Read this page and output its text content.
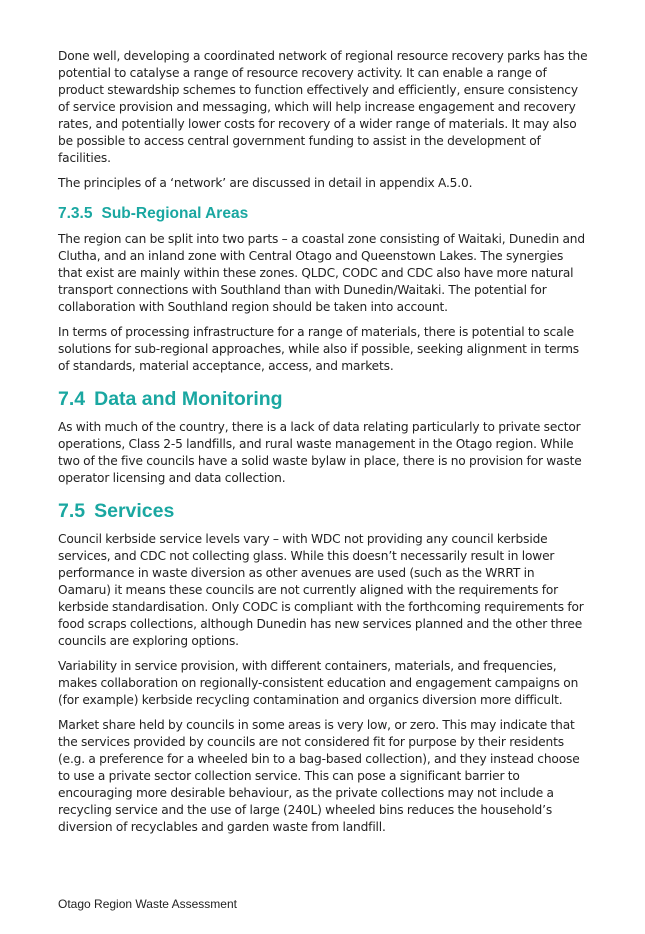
Done well, developing a coordinated network of regional resource recovery parks has the potential to catalyse a range of resource recovery activity. It can enable a range of product stewardship schemes to function effectively and efficiently, ensure consistency of service provision and messaging, which will help increase engagement and recovery rates, and potentially lower costs for recovery of a wider range of materials. It may also be possible to access central government funding to assist in the development of facilities.

The principles of a ‘network’ are discussed in detail in appendix A.5.0.

7.3.5 Sub-Regional Areas

The region can be split into two parts – a coastal zone consisting of Waitaki, Dunedin and Clutha, and an inland zone with Central Otago and Queenstown Lakes. The synergies that exist are mainly within these zones. QLDC, CODC and CDC also have more natural transport connections with Southland than with Dunedin/Waitaki. The potential for collaboration with Southland region should be taken into account.

In terms of processing infrastructure for a range of materials, there is potential to scale solutions for sub-regional approaches, while also if possible, seeking alignment in terms of standards, material acceptance, access, and markets.

7.4 Data and Monitoring

As with much of the country, there is a lack of data relating particularly to private sector operations, Class 2-5 landfills, and rural waste management in the Otago region. While two of the five councils have a solid waste bylaw in place, there is no provision for waste operator licensing and data collection.

7.5 Services

Council kerbside service levels vary – with WDC not providing any council kerbside services, and CDC not collecting glass. While this doesn’t necessarily result in lower performance in waste diversion as other avenues are used (such as the WRRT in Oamaru) it means these councils are not currently aligned with the requirements for kerbside standardisation. Only CODC is compliant with the forthcoming requirements for food scraps collections, although Dunedin has new services planned and the other three councils are exploring options.

Variability in service provision, with different containers, materials, and frequencies, makes collaboration on regionally-consistent education and engagement campaigns on (for example) kerbside recycling contamination and organics diversion more difficult.

Market share held by councils in some areas is very low, or zero. This may indicate that the services provided by councils are not considered fit for purpose by their residents (e.g. a preference for a wheeled bin to a bag-based collection), and they instead choose to use a private sector collection service. This can pose a significant barrier to encouraging more desirable behaviour, as the private collections may not include a recycling service and the use of large (240L) wheeled bins reduces the household’s diversion of recyclables and garden waste from landfill.

Otago Region Waste Assessment
